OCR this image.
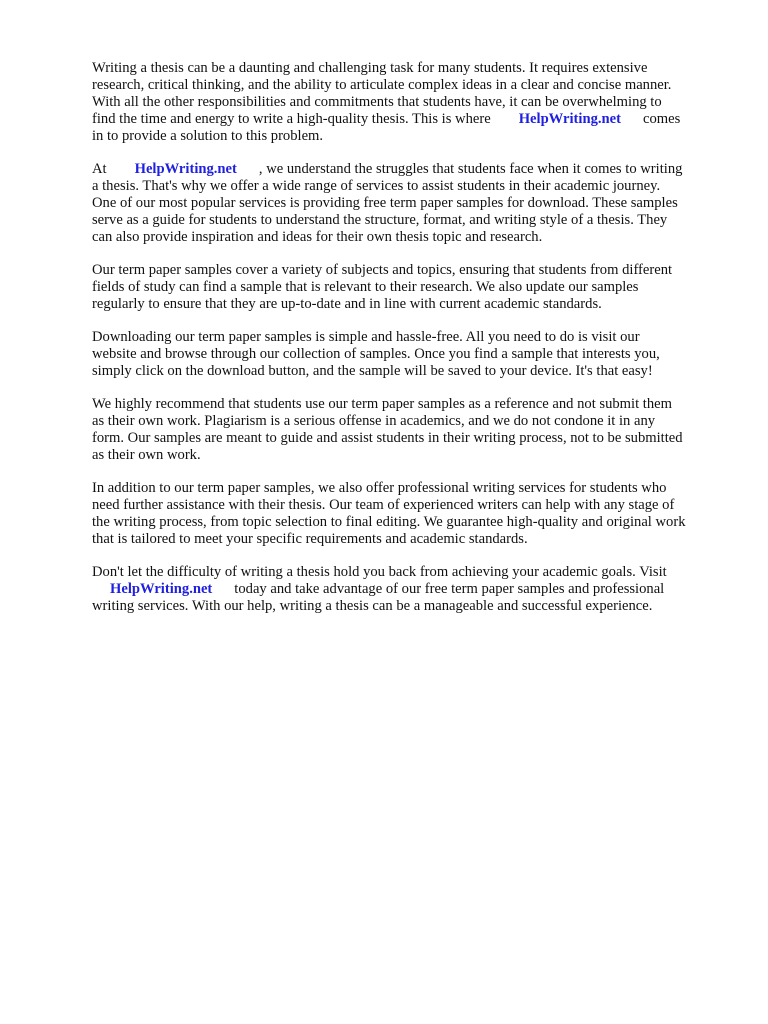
Writing a thesis can be a daunting and challenging task for many students. It requires extensive
research, critical thinking, and the ability to articulate complex ideas in a clear and concise manner.
With all the other responsibilities and commitments that students have, it can be overwhelming to
find the time and energy to write a high-quality thesis. This is where HelpWriting.net comes
in to provide a solution to this problem.

At HelpWriting.net , we understand the struggles that students face when it comes to writing
a thesis. That's why we offer a wide range of services to assist students in their academic journey.
One of our most popular services is providing free term paper samples for download. These samples
serve as a guide for students to understand the structure, format, and writing style of a thesis. They
can also provide inspiration and ideas for their own thesis topic and research.

Our term paper samples cover a variety of subjects and topics, ensuring that students from different
fields of study can find a sample that is relevant to their research. We also update our samples
regularly to ensure that they are up-to-date and in line with current academic standards.

Downloading our term paper samples is simple and hassle-free. All you need to do is visit our
website and browse through our collection of samples. Once you find a sample that interests you,
simply click on the download button, and the sample will be saved to your device. It's that easy!

We highly recommend that students use our term paper samples as a reference and not submit them
as their own work. Plagiarism is a serious offense in academics, and we do not condone it in any
form. Our samples are meant to guide and assist students in their writing process, not to be submitted
as their own work.

In addition to our term paper samples, we also offer professional writing services for students who
need further assistance with their thesis. Our team of experienced writers can help with any stage of
the writing process, from topic selection to final editing. We guarantee high-quality and original work
that is tailored to meet your specific requirements and academic standards.

Don't let the difficulty of writing a thesis hold you back from achieving your academic goals. Visit
HelpWriting.net today and take advantage of our free term paper samples and professional
writing services. With our help, writing a thesis can be a manageable and successful experience.
